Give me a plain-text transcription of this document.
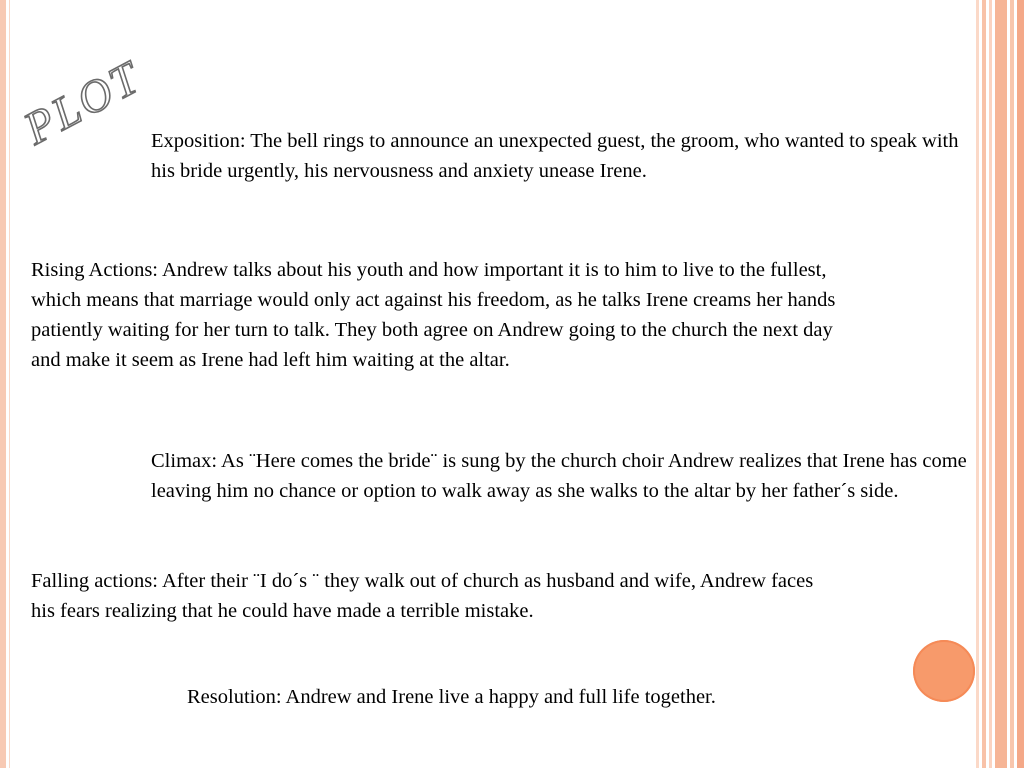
PLOT Exposition: The bell rings to announce an unexpected guest, the groom, who wanted to speak with his bride urgently, his nervousness and anxiety unease Irene.

Rising Actions: Andrew talks about his youth and how important it is to him to live to the fullest, which means that marriage would only act against his freedom, as he talks Irene creams her hands patiently waiting for her turn to talk. They both agree on Andrew going to the church the next day and make it seem as Irene had left him waiting at the altar.

Climax: As ¨Here comes the bride¨ is sung by the church choir Andrew realizes that Irene has come leaving him no chance or option to walk away as she walks to the altar by her father´s side.

Falling actions: After their ¨I do´s ¨ they walk out of church as husband and wife, Andrew faces his fears realizing that he could have made a terrible mistake.

Resolution: Andrew and Irene live a happy and full life together.
